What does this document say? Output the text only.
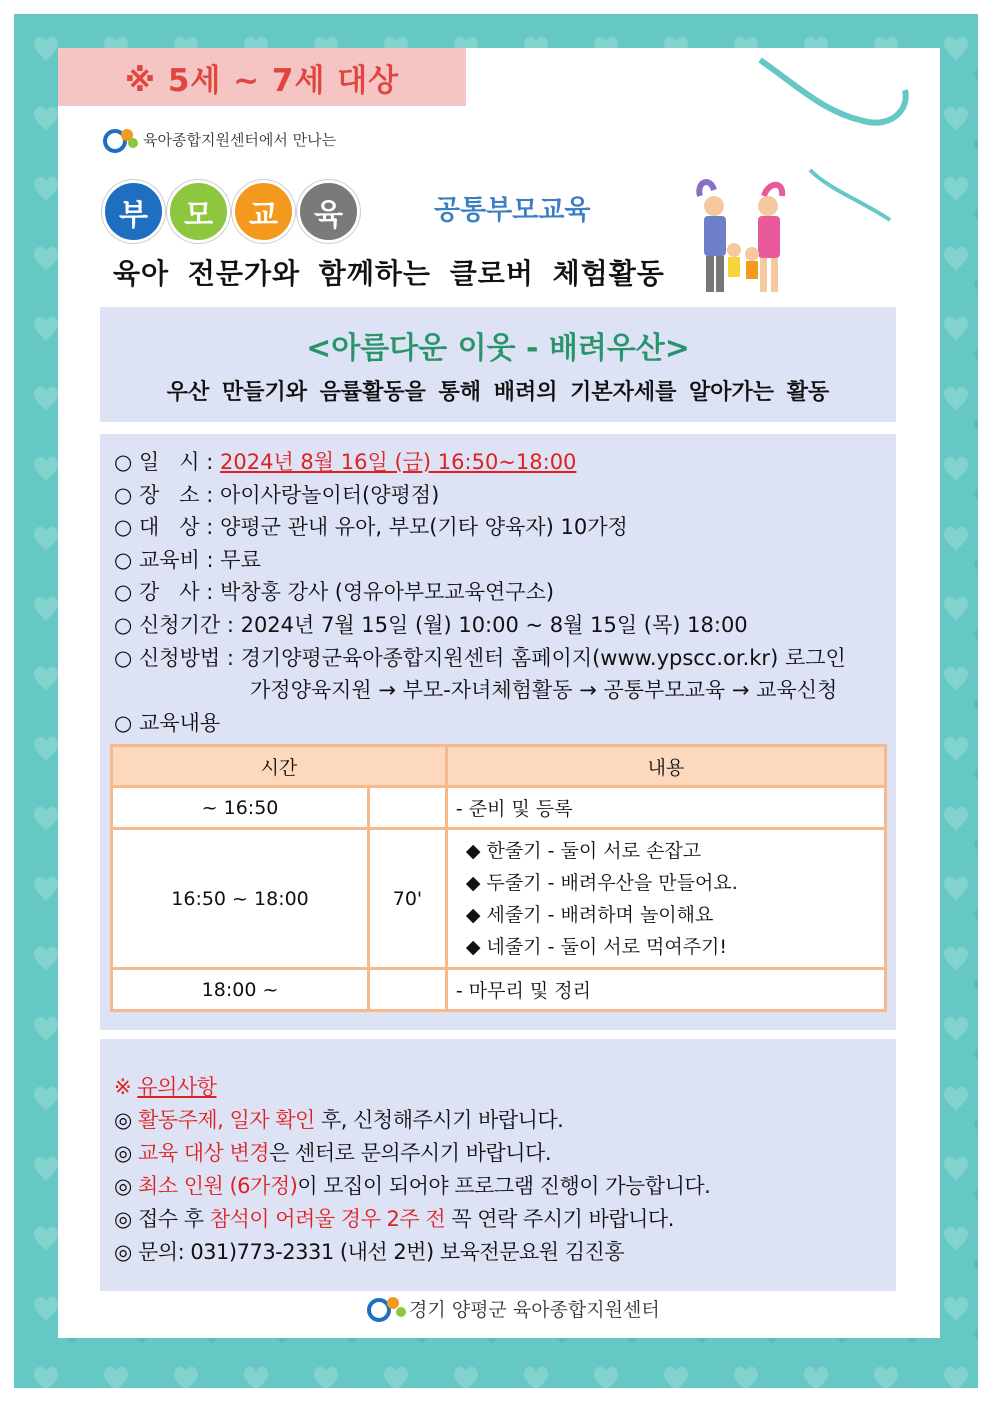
※ 5세 ~ 7세 대상
육아종합지원센터에서 만나는
부	모	교	육	공통부모교육
육아 전문가와 함께하는 클로버 체험활동
<아름다운 이웃 - 배려우산>
우산 만들기와 음률활동을 통해 배려의 기본자세를 알아가는 활동
○ 일   시 : 2024년 8월 16일 (금) 16:50~18:00
○ 장   소 : 아이사랑놀이터(양평점)
○ 대   상 : 양평군 관내 유아, 부모(기타 양육자) 10가정
○ 교육비 : 무료
○ 강   사 : 박창홍 강사 (영유아부모교육연구소)
○ 신청기간 : 2024년 7월 15일 (월) 10:00 ~ 8월 15일 (목) 18:00
○ 신청방법 : 경기양평군육아종합지원센터 홈페이지(www.ypscc.or.kr) 로그인
가정양육지원 → 부모-자녀체험활동 → 공통부모교육 → 교육신청
○ 교육내용
시간		내용
~ 16:50		- 준비 및 등록
16:50 ~ 18:00	70'	◆ 한줄기 - 둘이 서로 손잡고
◆ 두줄기 - 배려우산을 만들어요.
◆ 세줄기 - 배려하며 놀이해요
◆ 네줄기 - 둘이 서로 먹여주기!

18:00 ~		- 마무리 및 정리
※ 유의사항
◎ 활동주제, 일자 확인 후, 신청해주시기 바랍니다.
◎ 교육 대상 변경은 센터로 문의주시기 바랍니다.
◎ 최소 인원 (6가정)이 모집이 되어야 프로그램 진행이 가능합니다.
◎ 접수 후 참석이 어려울 경우 2주 전 꼭 연락 주시기 바랍니다.
◎ 문의: 031)773-2331 (내선 2번) 보육전문요원 김진홍
경기 양평군 육아종합지원센터
